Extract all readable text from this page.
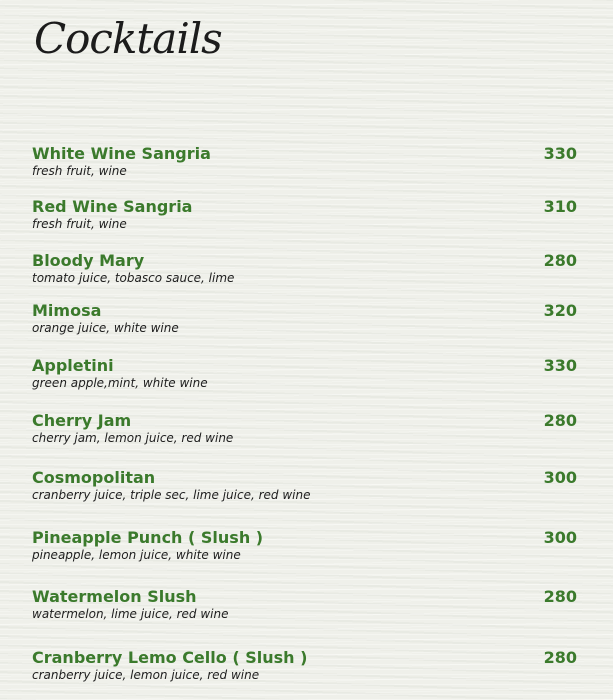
Cocktails
White Wine Sangria	330
fresh fruit, wine
Red Wine Sangria	310
fresh fruit, wine
Bloody Mary	280
tomato juice, tobasco sauce, lime
Mimosa	320
orange juice, white wine
Appletini	330
green apple,mint, white wine
Cherry Jam	280
cherry jam, lemon juice, red wine
Cosmopolitan	300
cranberry juice, triple sec, lime juice, red wine
Pineapple Punch ( Slush )	300
pineapple, lemon juice, white wine
Watermelon Slush	280
watermelon, lime juice, red wine
Cranberry Lemo Cello ( Slush )	280
cranberry juice, lemon juice, red wine
